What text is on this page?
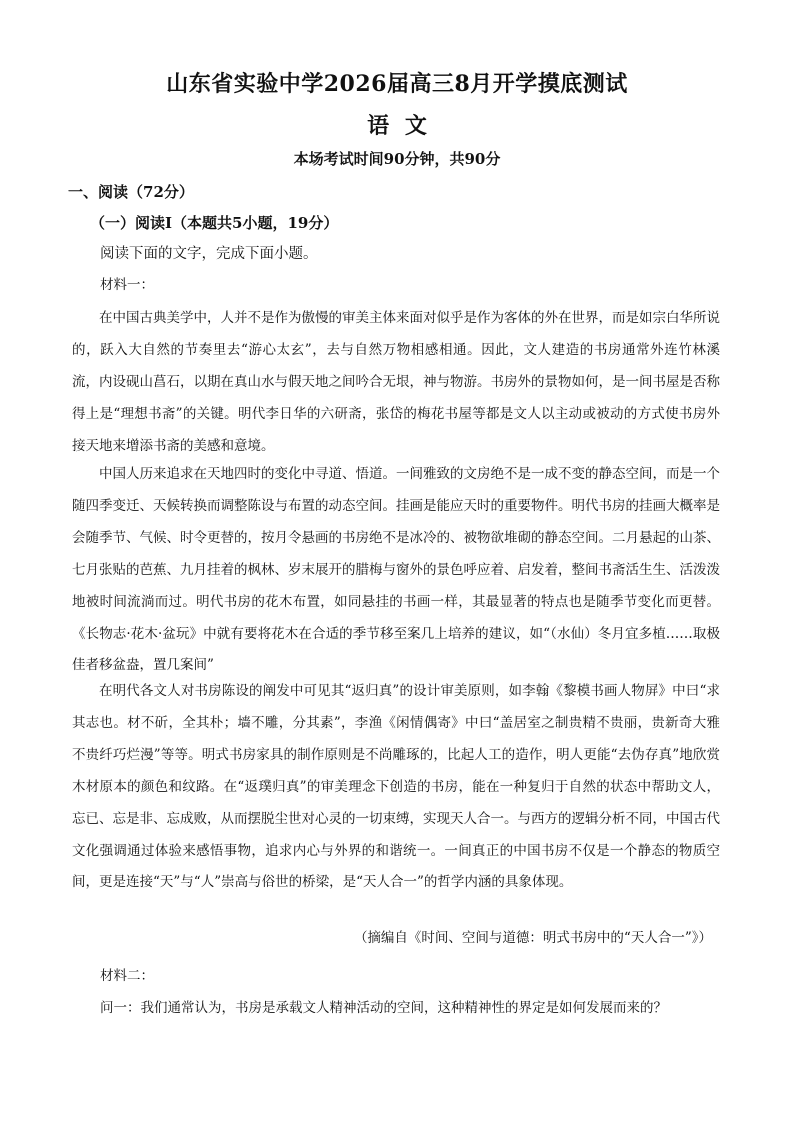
山东省实验中学2026届高三8月开学摸底测试
语 文
本场考试时间90分钟，共90分
一、阅读（72分）
（一）阅读Ⅰ（本题共5小题，19分）
阅读下面的文字，完成下面小题。
材料一：

在中国古典美学中，人并不是作为傲慢的审美主体来面对似乎是作为客体的外在世界，而是如宗白华所说的，跃入大自然的节奏里去“游心太玄”，去与自然万物相感相通。因此，文人建造的书房通常外连竹林溪流，内设砚山菖石，以期在真山水与假天地之间吟合无垠，神与物游。书房外的景物如何，是一间书屋是否称得上是“理想书斋”的关键。明代李日华的六研斋，张岱的梅花书屋等都是文人以主动或被动的方式使书房外接天地来增添书斋的美感和意境。

中国人历来追求在天地四时的变化中寻道、悟道。一间雅致的文房绝不是一成不变的静态空间，而是一个随四季变迁、天候转换而调整陈设与布置的动态空间。挂画是能应天时的重要物件。明代书房的挂画大概率是会随季节、气候、时令更替的，按月令悬画的书房绝不是冰冷的、被物欲堆砌的静态空间。二月悬起的山茶、七月张贴的芭蕉、九月挂着的枫林、岁末展开的腊梅与窗外的景色呼应着、启发着，整间书斋活生生、活泼泼地被时间流淌而过。明代书房的花木布置，如同悬挂的书画一样，其最显著的特点也是随季节变化而更替。《长物志·花木·盆玩》中就有要将花木在合适的季节移至案几上培养的建议，如“（水仙）冬月宜多植……取极佳者移盆盎，置几案间”

在明代各文人对书房陈设的阐发中可见其“返归真”的设计审美原则，如李翰《黎模书画人物屏》中曰“求其志也。材不斫，全其朴；墙不雕，分其素”，李渔《闲情偶寄》中曰“盖居室之制贵精不贵丽，贵新奇大雅不贵纤巧烂漫”等等。明式书房家具的制作原则是不尚雕琢的，比起人工的造作，明人更能“去伪存真”地欣赏木材原本的颜色和纹路。在“返璞归真”的审美理念下创造的书房，能在一种复归于自然的状态中帮助文人，忘已、忘是非、忘成败，从而摆脱尘世对心灵的一切束缚，实现天人合一。与西方的逻辑分析不同，中国古代文化强调通过体验来感悟事物，追求内心与外界的和谐统一。一间真正的中国书房不仅是一个静态的物质空间，更是连接“天”与“人”崇高与俗世的桥梁，是“天人合一”的哲学内涵的具象体现。

（摘编自《时间、空间与道德：明式书房中的“天人合一”》）
材料二：
问一：我们通常认为，书房是承载文人精神活动的空间，这种精神性的界定是如何发展而来的？
